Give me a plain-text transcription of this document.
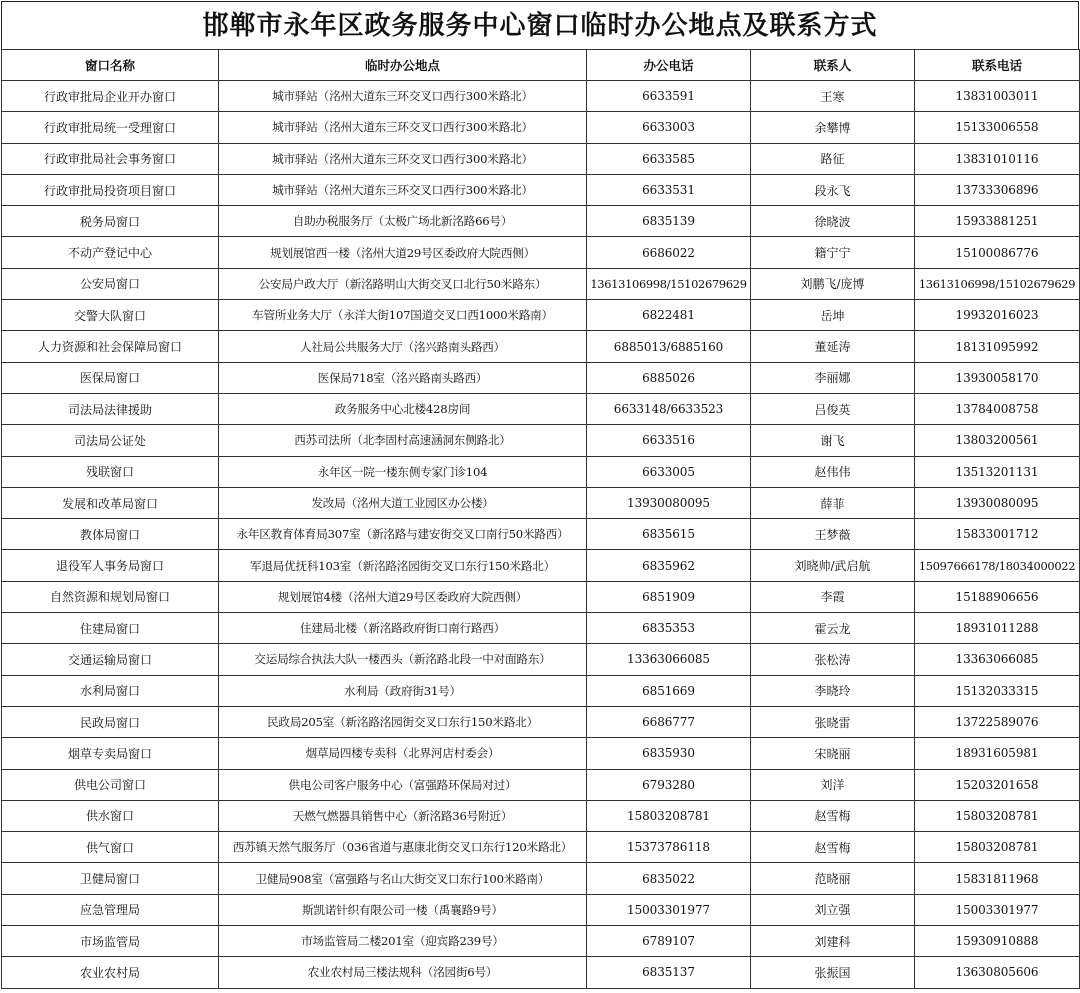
邯郸市永年区政务服务中心窗口临时办公地点及联系方式
窗口名称	临时办公地点	办公电话	联系人	联系电话
行政审批局企业开办窗口	城市驿站（洺州大道东三环交叉口西行300米路北）	6633591	王寒	13831003011
行政审批局统一受理窗口	城市驿站（洺州大道东三环交叉口西行300米路北）	6633003	余攀博	15133006558
行政审批局社会事务窗口	城市驿站（洺州大道东三环交叉口西行300米路北）	6633585	路征	13831010116
行政审批局投资项目窗口	城市驿站（洺州大道东三环交叉口西行300米路北）	6633531	段永飞	13733306896
税务局窗口	自助办税服务厅（太极广场北新洺路66号）	6835139	徐晓波	15933881251
不动产登记中心	规划展馆西一楼（洺州大道29号区委政府大院西侧）	6686022	籍宁宁	15100086776
公安局窗口	公安局户政大厅（新洺路明山大街交叉口北行50米路东）	13613106998/15102679629	刘鹏飞/庞博	13613106998/15102679629
交警大队窗口	车管所业务大厅（永洋大街107国道交叉口西1000米路南）	6822481	岳坤	19932016023
人力资源和社会保障局窗口	人社局公共服务大厅（洺兴路南头路西）	6885013/6885160	董延涛	18131095992
医保局窗口	医保局718室（洺兴路南头路西）	6885026	李丽娜	13930058170
司法局法律援助	政务服务中心北楼428房间	6633148/6633523	吕俊英	13784008758
司法局公证处	西苏司法所（北李固村高速涵洞东侧路北）	6633516	谢飞	13803200561
残联窗口	永年区一院一楼东侧专家门诊104	6633005	赵伟伟	13513201131
发展和改革局窗口	发改局（洺州大道工业园区办公楼）	13930080095	薛菲	13930080095
教体局窗口	永年区教育体育局307室（新洺路与建安街交叉口南行50米路西）	6835615	王梦薇	15833001712
退役军人事务局窗口	军退局优抚科103室（新洺路洺园街交叉口东行150米路北）	6835962	刘晓帅/武启航	15097666178/18034000022
自然资源和规划局窗口	规划展馆4楼（洺州大道29号区委政府大院西侧）	6851909	李霞	15188906656
住建局窗口	住建局北楼（新洺路政府街口南行路西）	6835353	霍云龙	18931011288
交通运输局窗口	交运局综合执法大队一楼西头（新洺路北段一中对面路东）	13363066085	张松涛	13363066085
水利局窗口	水利局（政府街31号）	6851669	李晓玲	15132033315
民政局窗口	民政局205室（新洺路洺园街交叉口东行150米路北）	6686777	张晓雷	13722589076
烟草专卖局窗口	烟草局四楼专卖科（北界河店村委会）	6835930	宋晓丽	18931605981
供电公司窗口	供电公司客户服务中心（富强路环保局对过）	6793280	刘洋	15203201658
供水窗口	天燃气燃器具销售中心（新洺路36号附近）	15803208781	赵雪梅	15803208781
供气窗口	西苏镇天然气服务厅（036省道与惠康北街交叉口东行120米路北）	15373786118	赵雪梅	15803208781
卫健局窗口	卫健局908室（富强路与名山大街交叉口东行100米路南）	6835022	范晓丽	15831811968
应急管理局	斯凯诺针织有限公司一楼（禹襄路9号）	15003301977	刘立强	15003301977
市场监管局	市场监管局二楼201室（迎宾路239号）	6789107	刘建科	15930910888
农业农村局	农业农村局三楼法规科（洺园街6号）	6835137	张振国	13630805606
